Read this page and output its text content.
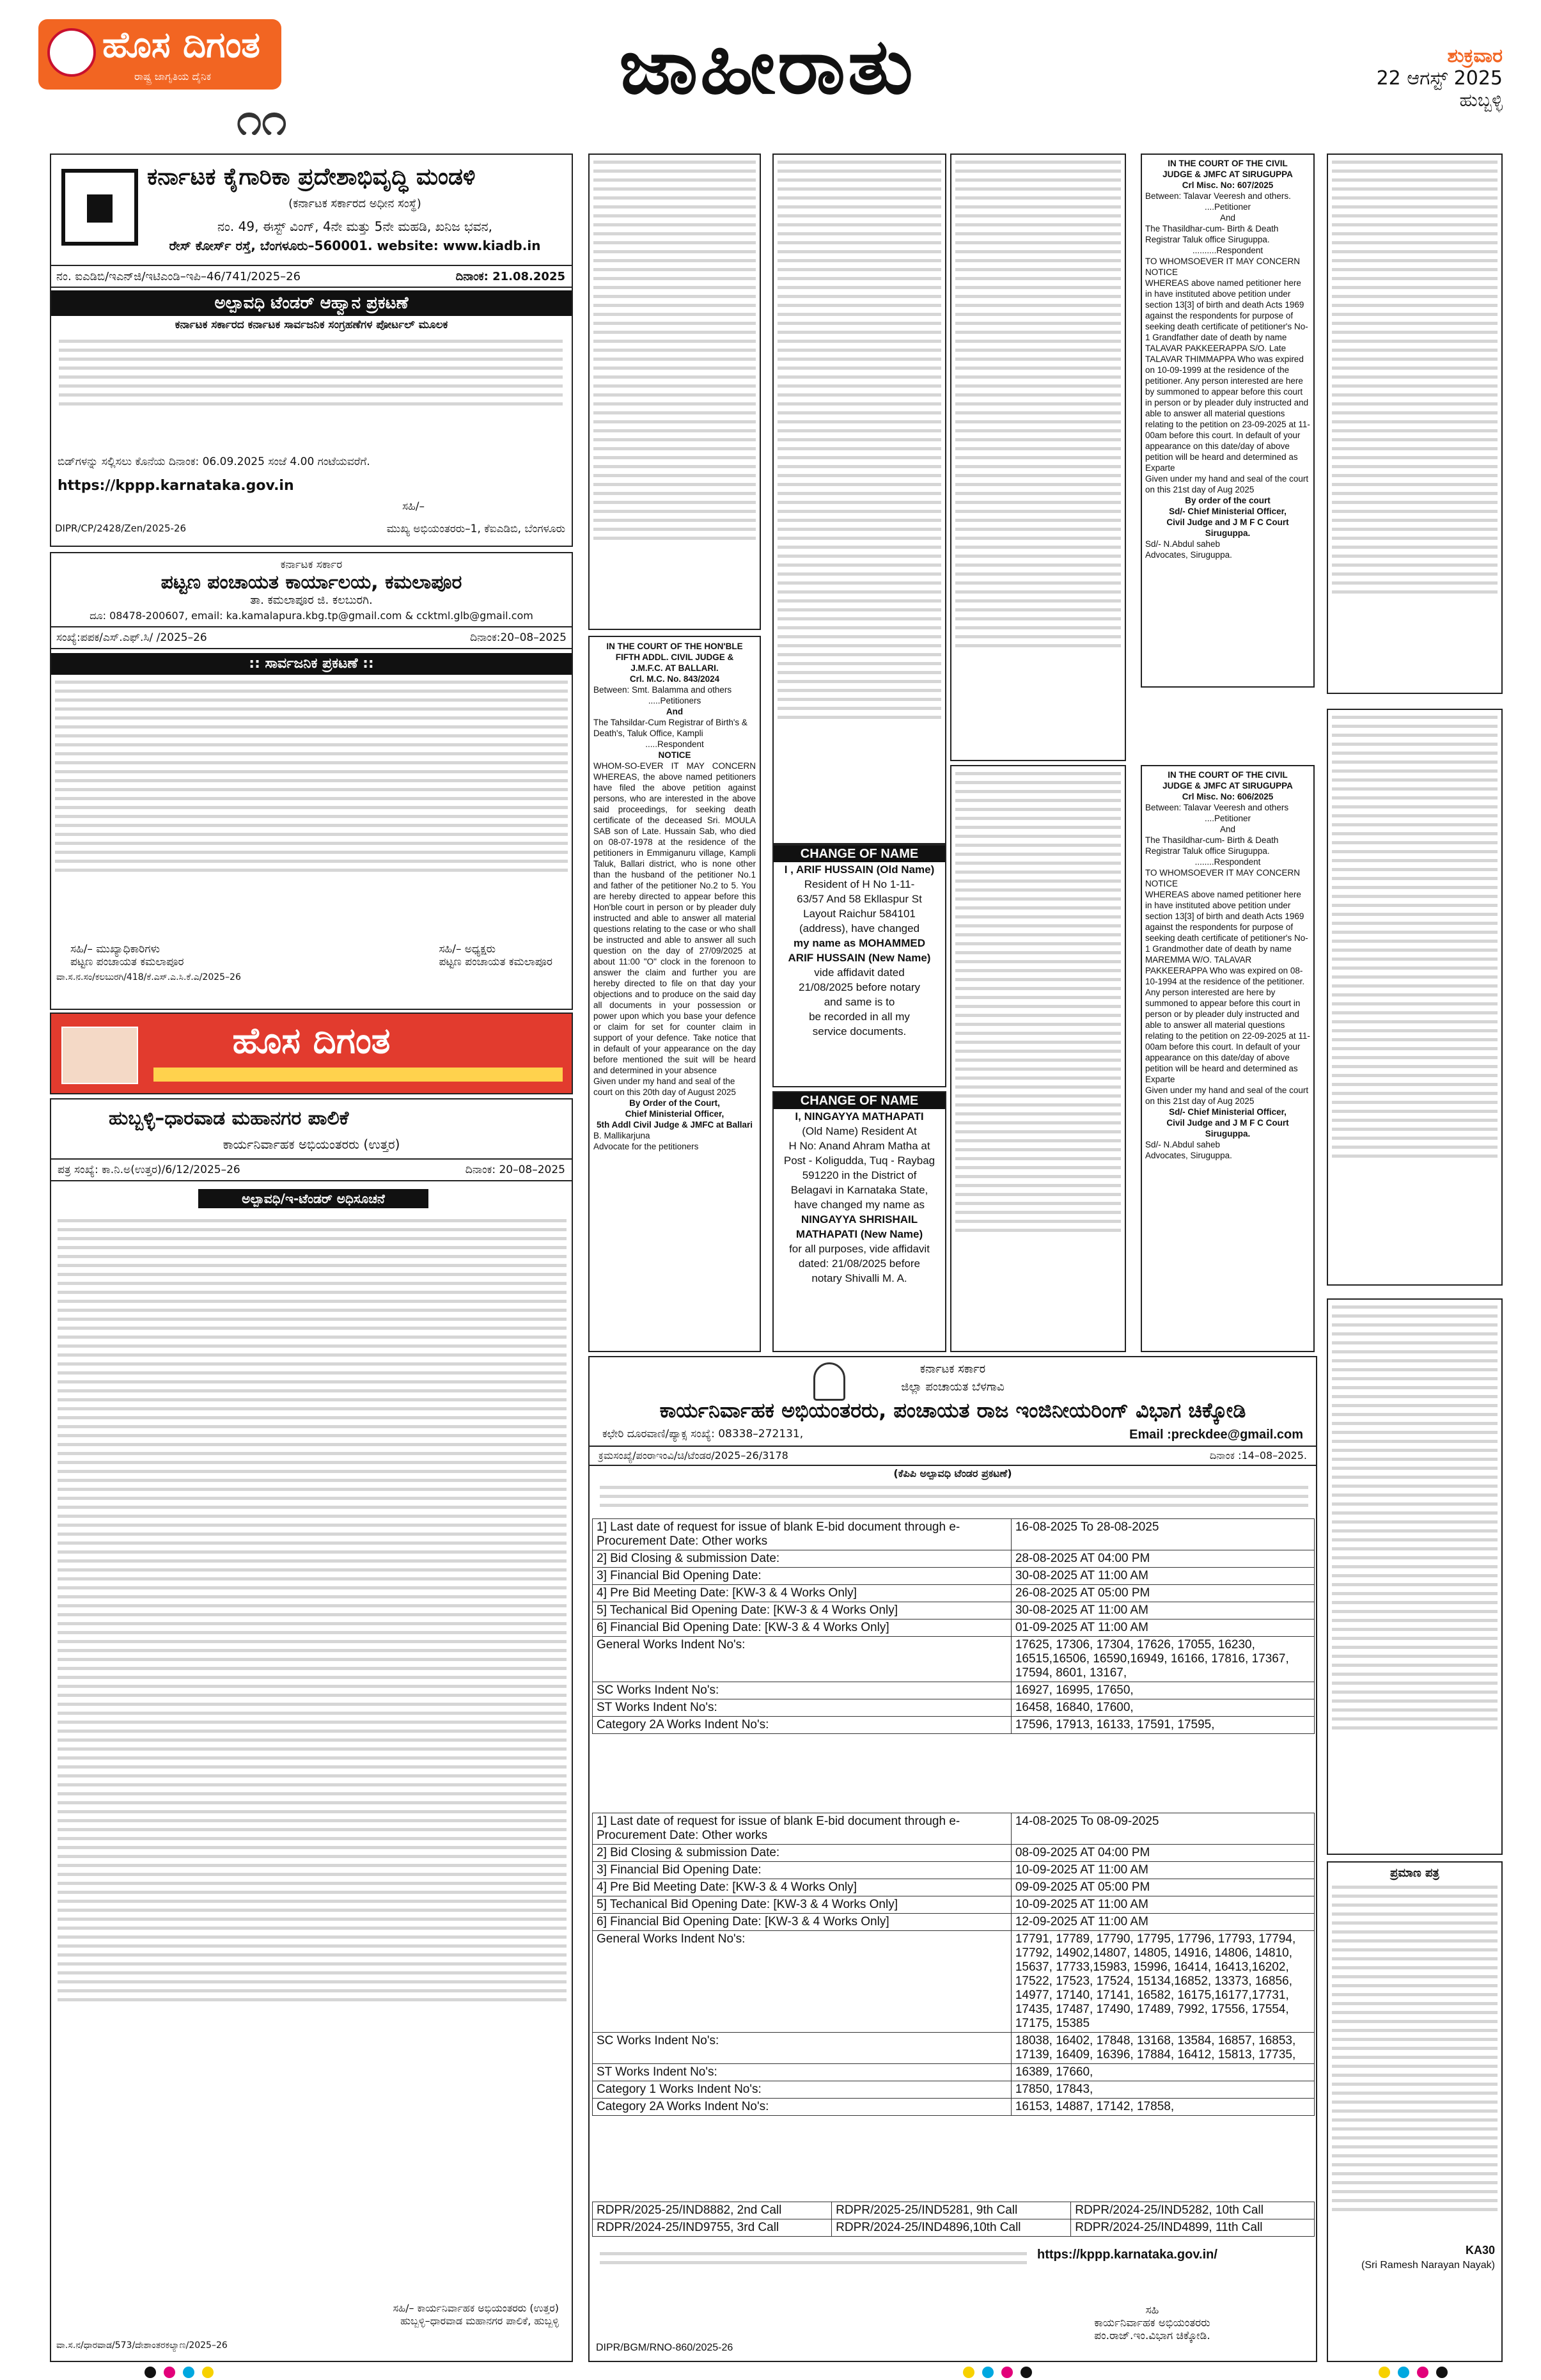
ಹೊಸ ದಿಗಂತ
ರಾಷ್ಟ್ರ ಜಾಗೃತಿಯ ದೈನಿಕ
೧೧
ಜಾಹೀರಾತು	ಶುಕ್ರವಾರ
22 ಆಗಸ್ಟ್ 2025
ಹುಬ್ಬಳ್ಳಿ
ಕರ್ನಾಟಕ ಕೈಗಾರಿಕಾ ಪ್ರದೇಶಾಭಿವೃದ್ಧಿ ಮಂಡಳಿ
(ಕರ್ನಾಟಕ ಸರ್ಕಾರದ ಅಧೀನ ಸಂಸ್ಥೆ)
ನಂ. 49, ಈಸ್ಟ್ ವಿಂಗ್, 4ನೇ ಮತ್ತು 5ನೇ ಮಹಡಿ, ಖನಿಜ ಭವನ,
ರೇಸ್ ಕೋರ್ಸ್ ರಸ್ತೆ, ಬೆಂಗಳೂರು–560001. website: www.kiadb.in
ನಂ. ಐಎಡಿಬಿ/ಇಎನ್‌ಜಿ/ಇಟಿಎಂಡಿ–ಇಪಿ–46/741/2025–26	ದಿನಾಂಕ: 21.08.2025
ಅಲ್ಪಾವಧಿ ಟೆಂಡರ್ ಆಹ್ವಾನ ಪ್ರಕಟಣೆ
ಕರ್ನಾಟಕ ಸರ್ಕಾರದ ಕರ್ನಾಟಕ ಸಾರ್ವಜನಿಕ ಸಂಗ್ರಹಣೆಗಳ ಪೋರ್ಟಲ್ ಮೂಲಕ
ಬಿಡ್‌ಗಳನ್ನು ಸಲ್ಲಿಸಲು ಕೊನೆಯ ದಿನಾಂಕ: 06.09.2025 ಸಂಜೆ 4.00 ಗಂಟೆಯವರೆಗೆ.
https://kppp.karnataka.gov.in
ಸಹಿ/–
DIPR/CP/2428/Zen/2025-26	ಮುಖ್ಯ ಅಭಿಯಂತರರು–1, ಕೆಐಎಡಿಬಿ, ಬೆಂಗಳೂರು
ಕರ್ನಾಟಕ ಸರ್ಕಾರ
ಪಟ್ಟಣ ಪಂಚಾಯತ ಕಾರ್ಯಾಲಯ, ಕಮಲಾಪೂರ
ತಾ. ಕಮಲಾಪೂರ ಜಿ. ಕಲಬುರಗಿ.
ದೂ: 08478-200607, email: ka.kamalapura.kbg.tp@gmail.com & ccktml.glb@gmail.com
ಸಂಖ್ಯೆ:ಪಪಕ/ಎಸ್.ಎಫ್.ಸಿ/ /2025–26	ದಿನಾಂಕ:20–08–2025
:: ಸಾರ್ವಜನಿಕ ಪ್ರಕಟಣೆ ::
ಸಹಿ/– ಮುಖ್ಯಾಧಿಕಾರಿಗಳು
ಪಟ್ಟಣ ಪಂಚಾಯತ ಕಮಲಾಪೂರ
ಸಹಿ/– ಅಧ್ಯಕ್ಷರು
ಪಟ್ಟಣ ಪಂಚಾಯತ ಕಮಲಾಪೂರ
ವಾ.ಸ.ನ.ಸಂ/ಕಲಬುರಗಿ/418/ಕೆ.ಎಸ್.ಎ.ಸಿ.ಕೆ.ಎ/2025–26
ಹೊಸ ದಿಗಂತ
ಹುಬ್ಬಳ್ಳಿ–ಧಾರವಾಡ ಮಹಾನಗರ ಪಾಲಿಕೆ
ಕಾರ್ಯನಿರ್ವಾಹಕ ಅಭಿಯಂತರರು (ಉತ್ತರ)
ಪತ್ರ ಸಂಖ್ಯೆ: ಕಾ.ನಿ.ಅ(ಉತ್ತರ)/6/12/2025–26	ದಿನಾಂಕ: 20–08–2025
ಅಲ್ಪಾವಧಿ/ಇ-ಟೆಂಡರ್ ಅಧಿಸೂಚನೆ
ಸಹಿ/– ಕಾರ್ಯನಿರ್ವಾಹಕ ಅಭಿಯಂತರರು (ಉತ್ತರ)
ಹುಬ್ಬಳ್ಳಿ–ಧಾರವಾಡ ಮಹಾನಗರ ಪಾಲಿಕೆ, ಹುಬ್ಬಳ್ಳಿ
ವಾ.ಸ.ನ/ಧಾರವಾಡ/573/ದೇಶಾಂತರಕಲ್ಯಾಣ/2025–26
IN THE COURT OF THE HON'BLE
FIFTH ADDL. CIVIL JUDGE &
J.M.F.C. AT BALLARI.
Crl. M.C. No. 843/2024
Between: Smt. Balamma and others
.....Petitioners
And
The Tahsildar-Cum Registrar of Birth's & Death's, Taluk Office, Kampli
.....Respondent
NOTICE
WHOM-SO-EVER IT MAY CONCERN WHEREAS, the above named petitioners have filed the above petition against persons, who are interested in the above said proceedings, for seeking death certificate of the deceased Sri. MOULA SAB son of Late. Hussain Sab, who died on 08-07-1978 at the residence of the petitioners in Emmiganuru village, Kampli Taluk, Ballari district, who is none other than the husband of the petitioner No.1 and father of the petitioner No.2 to 5. You are hereby directed to appear before this Hon'ble court in person or by pleader duly instructed and able to answer all material questions relating to the case or who shall be instructed and able to answer all such question on the day of 27/09/2025 at about 11:00 "O" clock in the forenoon to answer the claim and further you are hereby directed to file on that day your objections and to produce on the said day all documents in your possession or power upon which you base your defence or claim for set for counter claim in support of your defence. Take notice that in default of your appearance on the day before mentioned the suit will be heard and determined in your absence
Given under my hand and seal of the court on this 20th day of August 2025
By Order of the Court,
Chief Ministerial Officer,
5th Addl Civil Judge & JMFC at Ballari
B. Mallikarjuna
Advocate for the petitioners
CHANGE OF NAME
I , ARIF HUSSAIN (Old Name)
Resident of H No 1-11-
63/57 And 58 Ekllaspur St
Layout Raichur 584101
(address), have changed
my name as MOHAMMED
ARIF HUSSAIN (New Name)
vide affidavit dated
21/08/2025 before notary
and same is to
be recorded in all my
service documents.
CHANGE OF NAME
I, NINGAYYA MATHAPATI
(Old Name) Resident At
H No: Anand Ahram Matha at
Post - Koligudda, Tuq - Raybag
591220 in the District of
Belagavi in Karnataka State,
have changed my name as
NINGAYYA SHRISHAIL
MATHAPATI (New Name)
for all purposes, vide affidavit
dated: 21/08/2025 before
notary Shivalli M. A.
IN THE COURT OF THE CIVIL
JUDGE & JMFC AT SIRUGUPPA
Crl Misc. No: 607/2025
Between: Talavar Veeresh and others.
....Petitioner
And
The Thasildhar-cum- Birth & Death Registrar Taluk office Siruguppa.
..........Respondent
TO WHOMSOEVER IT MAY CONCERN NOTICE
WHEREAS above named petitioner here in have instituted above petition under section 13[3] of birth and death Acts 1969 against the respondents for purpose of seeking death certificate of petitioner's No- 1 Grandfather date of death by name TALAVAR PAKKEERAPPA S/O. Late TALAVAR THIMMAPPA Who was expired on 10-09-1999 at the residence of the petitioner. Any person interested are here by summoned to appear before this court in person or by pleader duly instructed and able to answer all material questions relating to the petition on 23-09-2025 at 11-00am before this court. In default of your appearance on this date/day of above petition will be heard and determined as Exparte
Given under my hand and seal of the court on this 21st day of Aug 2025
By order of the court
Sd/- Chief Ministerial Officer,
Civil Judge and J M F C Court
Siruguppa.
Sd/- N.Abdul saheb
Advocates, Siruguppa.
IN THE COURT OF THE CIVIL
JUDGE & JMFC AT SIRUGUPPA
Crl Misc. No: 606/2025
Between: Talavar Veeresh and others
....Petitioner
And
The Thasildhar-cum- Birth & Death Registrar Taluk office Siruguppa.
........Respondent
TO WHOMSOEVER IT MAY CONCERN NOTICE
WHEREAS above named petitioner here in have instituted above petition under section 13[3] of birth and death Acts 1969 against the respondents for purpose of seeking death certificate of petitioner's No- 1 Grandmother date of death by name MAREMMA W/O. TALAVAR PAKKEERAPPA Who was expired on 08-10-1994 at the residence of the petitioner. Any person interested are here by summoned to appear before this court in person or by pleader duly instructed and able to answer all material questions relating to the petition on 22-09-2025 at 11-00am before this court. In default of your appearance on this date/day of above petition will be heard and determined as Exparte
Given under my hand and seal of the court on this 21st day of Aug 2025
Sd/- Chief Ministerial Officer,
Civil Judge and J M F C Court
Siruguppa.
Sd/- N.Abdul saheb
Advocates, Siruguppa.
ಪ್ರಮಾಣ ಪತ್ರ
KA30
(Sri Ramesh Narayan Nayak)
ಕರ್ನಾಟಕ ಸರ್ಕಾರ
ಜಿಲ್ಲಾ ಪಂಚಾಯತ ಬೆಳಗಾವಿ
ಕಾರ್ಯನಿರ್ವಾಹಕ ಅಭಿಯಂತರರು, ಪಂಚಾಯತ ರಾಜ ಇಂಜಿನೀಯರಿಂಗ್ ವಿಭಾಗ ಚಿಕ್ಕೋಡಿ
ಕಛೇರಿ ದೂರವಾಣಿ/ಪ್ಯಾಕ್ಸ ಸಂಖ್ಯೆ: 08338–272131,	Email :preckdee@gmail.com
ಕ್ರಮಸಂಖ್ಯೆ/ಪಂರಾಇಂವಿ/ಚಿ/ಟೆಂಡರ/2025–26/3178	ದಿನಾಂಕ :14–08–2025.
(ಕೆಪಿಪಿ ಅಲ್ಪಾವಧಿ ಟೆಂಡರ ಪ್ರಕಟಣೆ)
1] Last date of request for issue of blank E-bid document through e-Procurement Date: Other works	16-08-2025 To 28-08-2025
2] Bid Closing & submission Date:	28-08-2025 AT 04:00 PM
3] Financial Bid Opening Date:	30-08-2025 AT 11:00 AM
4] Pre Bid Meeting Date: [KW-3 & 4 Works Only]	26-08-2025 AT 05:00 PM
5] Techanical Bid Opening Date: [KW-3 & 4 Works Only]	30-08-2025 AT 11:00 AM
6] Financial Bid Opening Date: [KW-3 & 4 Works Only]	01-09-2025 AT 11:00 AM
General Works Indent No's:	17625, 17306, 17304, 17626, 17055, 16230, 16515,16506, 16590,16949, 16166, 17816, 17367, 17594, 8601, 13167,
SC Works Indent No's:	16927, 16995, 17650,
ST Works Indent No's:	16458, 16840, 17600,
Category 2A Works Indent No's:	17596, 17913, 16133, 17591, 17595,
1] Last date of request for issue of blank E-bid document through e-Procurement Date: Other works	14-08-2025 To 08-09-2025
2] Bid Closing & submission Date:	08-09-2025 AT 04:00 PM
3] Financial Bid Opening Date:	10-09-2025 AT 11:00 AM
4] Pre Bid Meeting Date: [KW-3 & 4 Works Only]	09-09-2025 AT 05:00 PM
5] Techanical Bid Opening Date: [KW-3 & 4 Works Only]	10-09-2025 AT 11:00 AM
6] Financial Bid Opening Date: [KW-3 & 4 Works Only]	12-09-2025 AT 11:00 AM
General Works Indent No's:	17791, 17789, 17790, 17795, 17796, 17793, 17794, 17792, 14902,14807, 14805, 14916, 14806, 14810, 15637, 17733,15983, 15996, 16414, 16413,16202, 17522, 17523, 17524, 15134,16852, 13373, 16856, 14977, 17140, 17141, 16582, 16175,16177,17731, 17435, 17487, 17490, 17489, 7992, 17556, 17554, 17175, 15385
SC Works Indent No's:	18038, 16402, 17848, 13168, 13584, 16857, 16853, 17139, 16409, 16396, 17884, 16412, 15813, 17735,
ST Works Indent No's:	16389, 17660,
Category 1 Works Indent No's:	17850, 17843,
Category 2A Works Indent No's:	16153, 14887, 17142, 17858,
RDPR/2025-25/IND8882, 2nd Call	RDPR/2025-25/IND5281, 9th Call	RDPR/2024-25/IND5282, 10th Call
RDPR/2024-25/IND9755, 3rd Call	RDPR/2024-25/IND4896,10th Call	RDPR/2024-25/IND4899, 11th Call
https://kppp.karnataka.gov.in/
ಸಹಿ
ಕಾರ್ಯನಿರ್ವಾಹಕ ಅಭಿಯಂತರರು
ಪಂ.ರಾಜ್.ಇಂ.ವಿಭಾಗ ಚಿಕ್ಕೋಡಿ.
DIPR/BGM/RNO-860/2025-26
